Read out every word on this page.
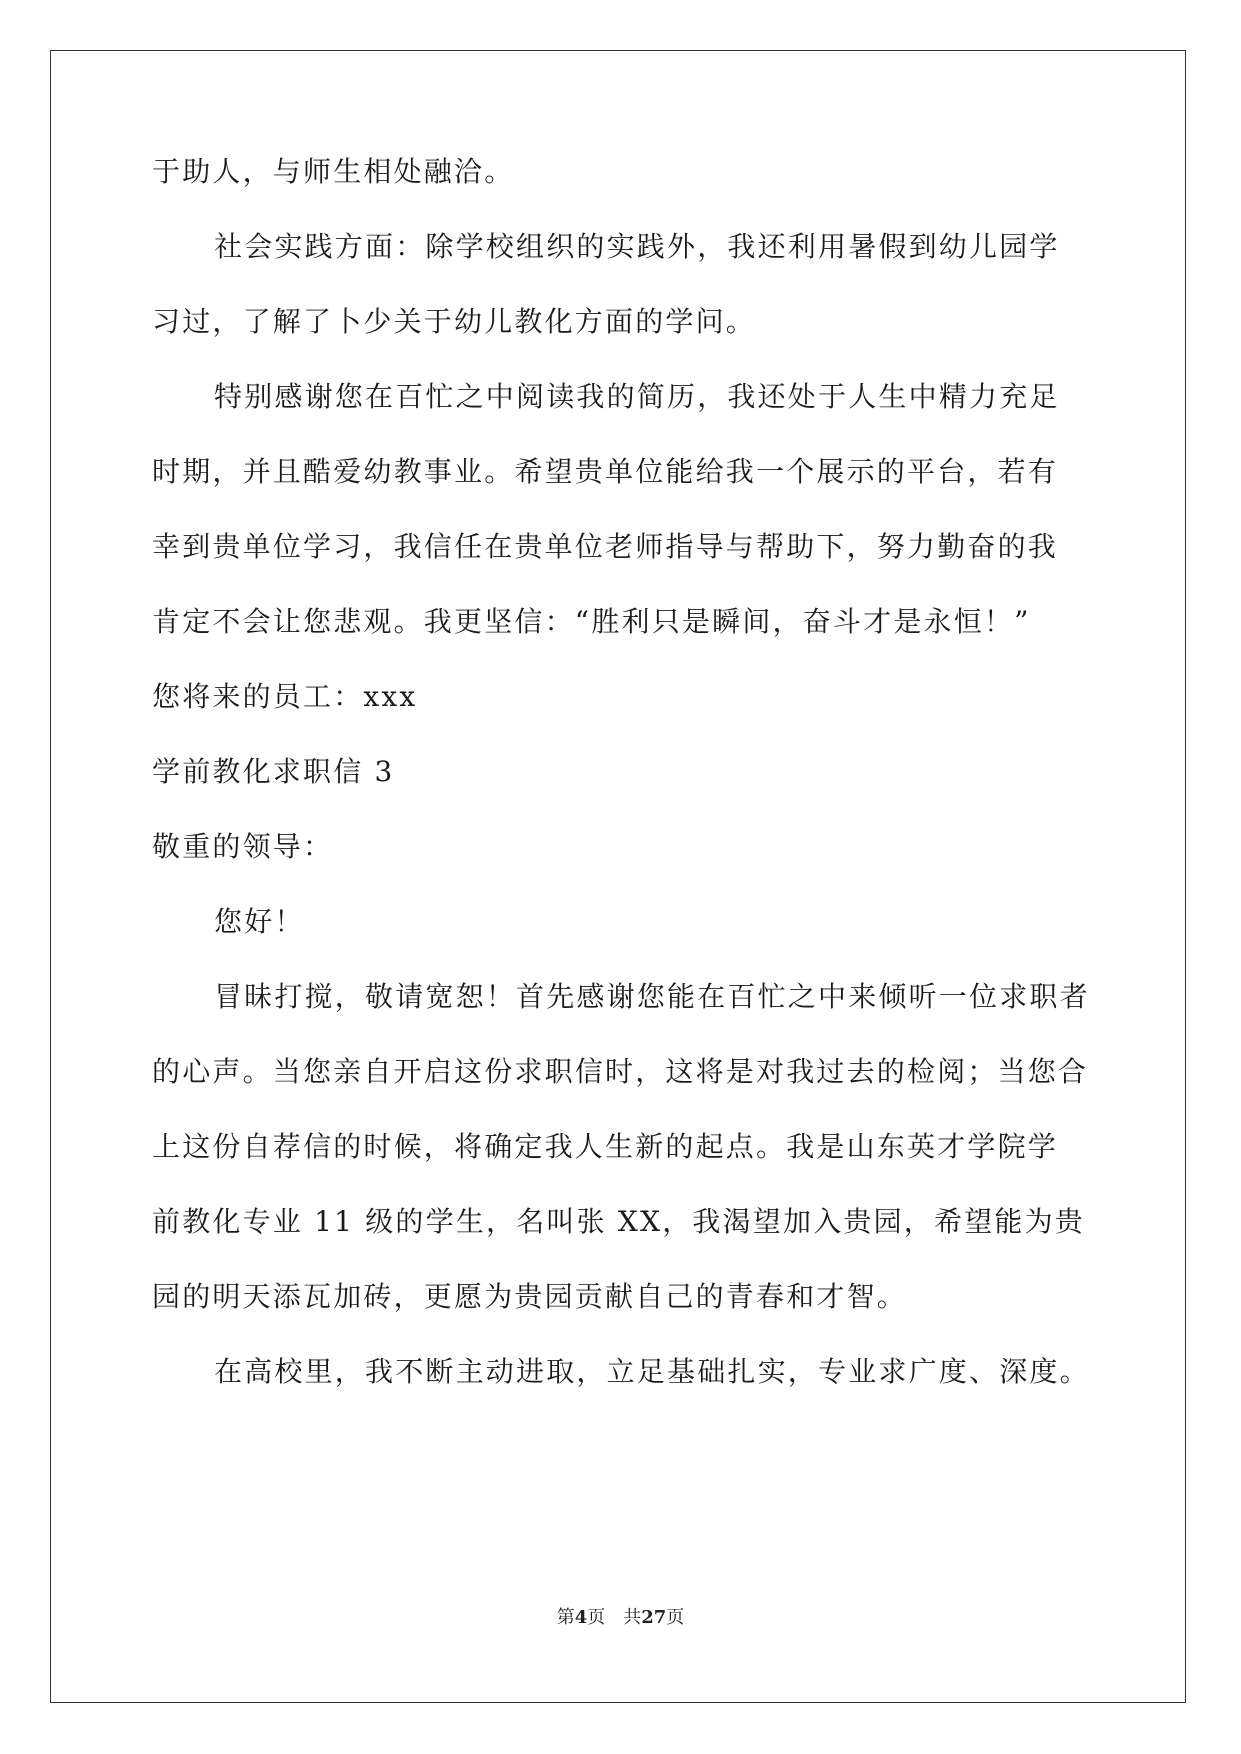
于助人，与师生相处融洽。
社会实践方面：除学校组织的实践外，我还利用暑假到幼儿园学
习过，了解了卜少关于幼儿教化方面的学问。
特别感谢您在百忙之中阅读我的简历，我还处于人生中精力充足
时期，并且酷爱幼教事业。希望贵单位能给我一个展示的平台，若有
幸到贵单位学习，我信任在贵单位老师指导与帮助下，努力勤奋的我
肯定不会让您悲观。我更坚信：“胜利只是瞬间，奋斗才是永恒！”
您将来的员工：xxx
学前教化求职信 3
敬重的领导：
您好！
冒昧打搅，敬请宽恕！首先感谢您能在百忙之中来倾听一位求职者
的心声。当您亲自开启这份求职信时，这将是对我过去的检阅；当您合
上这份自荐信的时候，将确定我人生新的起点。我是山东英才学院学
前教化专业 11 级的学生，名叫张 XX，我渴望加入贵园，希望能为贵
园的明天添瓦加砖，更愿为贵园贡献自己的青春和才智。
在高校里，我不断主动进取，立足基础扎实，专业求广度、深度。
第4页　共27页
